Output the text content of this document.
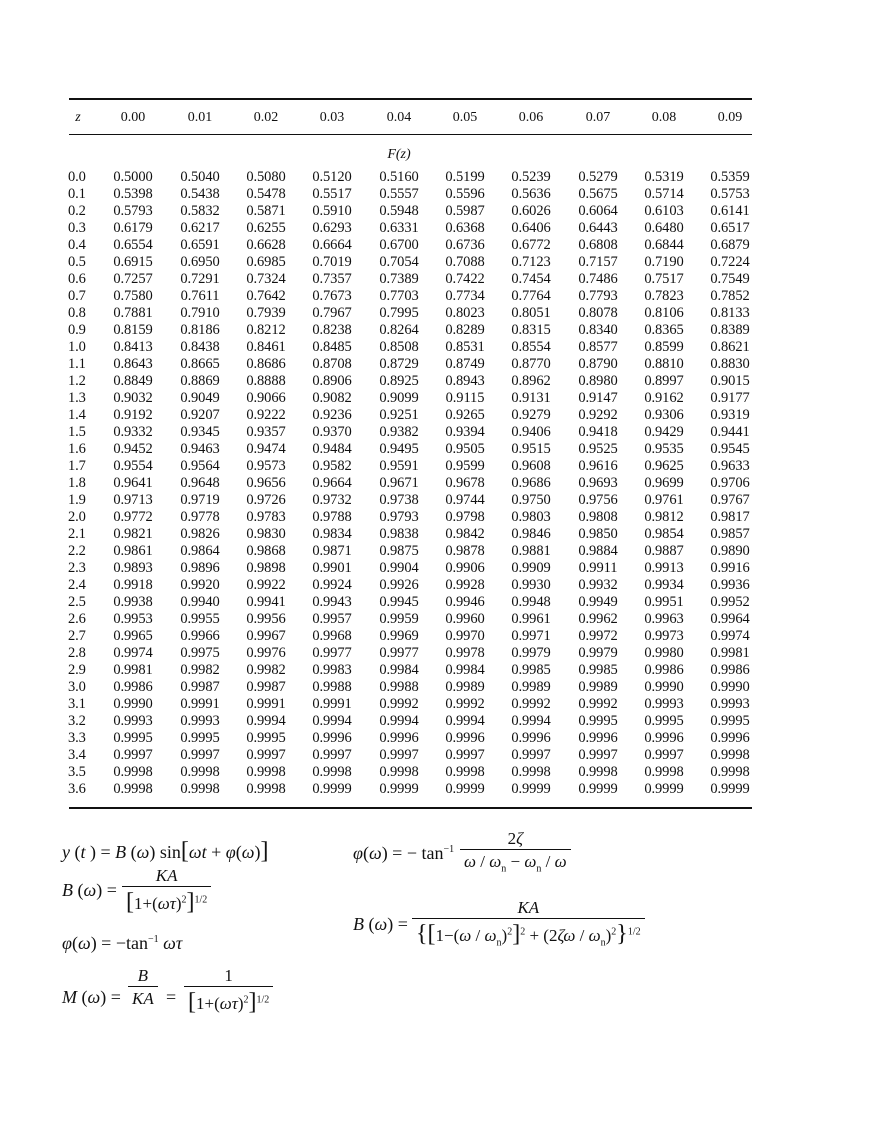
z	0.00	0.01	0.02	0.03	0.04	0.05	0.06	0.07	0.08	0.09
F(z)
0.0 0.5000 0.5040 0.5080 0.5120 0.5160 0.5199 0.5239 0.5279 0.5319 0.5359
0.1 0.5398 0.5438 0.5478 0.5517 0.5557 0.5596 0.5636 0.5675 0.5714 0.5753
0.2 0.5793 0.5832 0.5871 0.5910 0.5948 0.5987 0.6026 0.6064 0.6103 0.6141
0.3 0.6179 0.6217 0.6255 0.6293 0.6331 0.6368 0.6406 0.6443 0.6480 0.6517
0.4 0.6554 0.6591 0.6628 0.6664 0.6700 0.6736 0.6772 0.6808 0.6844 0.6879
0.5 0.6915 0.6950 0.6985 0.7019 0.7054 0.7088 0.7123 0.7157 0.7190 0.7224
0.6 0.7257 0.7291 0.7324 0.7357 0.7389 0.7422 0.7454 0.7486 0.7517 0.7549
0.7 0.7580 0.7611 0.7642 0.7673 0.7703 0.7734 0.7764 0.7793 0.7823 0.7852
0.8 0.7881 0.7910 0.7939 0.7967 0.7995 0.8023 0.8051 0.8078 0.8106 0.8133
0.9 0.8159 0.8186 0.8212 0.8238 0.8264 0.8289 0.8315 0.8340 0.8365 0.8389
1.0 0.8413 0.8438 0.8461 0.8485 0.8508 0.8531 0.8554 0.8577 0.8599 0.8621
1.1 0.8643 0.8665 0.8686 0.8708 0.8729 0.8749 0.8770 0.8790 0.8810 0.8830
1.2 0.8849 0.8869 0.8888 0.8906 0.8925 0.8943 0.8962 0.8980 0.8997 0.9015
1.3 0.9032 0.9049 0.9066 0.9082 0.9099 0.9115 0.9131 0.9147 0.9162 0.9177
1.4 0.9192 0.9207 0.9222 0.9236 0.9251 0.9265 0.9279 0.9292 0.9306 0.9319
1.5 0.9332 0.9345 0.9357 0.9370 0.9382 0.9394 0.9406 0.9418 0.9429 0.9441
1.6 0.9452 0.9463 0.9474 0.9484 0.9495 0.9505 0.9515 0.9525 0.9535 0.9545
1.7 0.9554 0.9564 0.9573 0.9582 0.9591 0.9599 0.9608 0.9616 0.9625 0.9633
1.8 0.9641 0.9648 0.9656 0.9664 0.9671 0.9678 0.9686 0.9693 0.9699 0.9706
1.9 0.9713 0.9719 0.9726 0.9732 0.9738 0.9744 0.9750 0.9756 0.9761 0.9767
2.0 0.9772 0.9778 0.9783 0.9788 0.9793 0.9798 0.9803 0.9808 0.9812 0.9817
2.1 0.9821 0.9826 0.9830 0.9834 0.9838 0.9842 0.9846 0.9850 0.9854 0.9857
2.2 0.9861 0.9864 0.9868 0.9871 0.9875 0.9878 0.9881 0.9884 0.9887 0.9890
2.3 0.9893 0.9896 0.9898 0.9901 0.9904 0.9906 0.9909 0.9911 0.9913 0.9916
2.4 0.9918 0.9920 0.9922 0.9924 0.9926 0.9928 0.9930 0.9932 0.9934 0.9936
2.5 0.9938 0.9940 0.9941 0.9943 0.9945 0.9946 0.9948 0.9949 0.9951 0.9952
2.6 0.9953 0.9955 0.9956 0.9957 0.9959 0.9960 0.9961 0.9962 0.9963 0.9964
2.7 0.9965 0.9966 0.9967 0.9968 0.9969 0.9970 0.9971 0.9972 0.9973 0.9974
2.8 0.9974 0.9975 0.9976 0.9977 0.9977 0.9978 0.9979 0.9979 0.9980 0.9981
2.9 0.9981 0.9982 0.9982 0.9983 0.9984 0.9984 0.9985 0.9985 0.9986 0.9986
3.0 0.9986 0.9987 0.9987 0.9988 0.9988 0.9989 0.9989 0.9989 0.9990 0.9990
3.1 0.9990 0.9991 0.9991 0.9991 0.9992 0.9992 0.9992 0.9992 0.9993 0.9993
3.2 0.9993 0.9993 0.9994 0.9994 0.9994 0.9994 0.9994 0.9995 0.9995 0.9995
3.3 0.9995 0.9995 0.9995 0.9996 0.9996 0.9996 0.9996 0.9996 0.9996 0.9996
3.4 0.9997 0.9997 0.9997 0.9997 0.9997 0.9997 0.9997 0.9997 0.9997 0.9998
3.5 0.9998 0.9998 0.9998 0.9998 0.9998 0.9998 0.9998 0.9998 0.9998 0.9998
3.6 0.9998 0.9998 0.9998 0.9999 0.9999 0.9999 0.9999 0.9999 0.9999 0.9999
y (t ) = B (ω) sin[ωt + φ(ω)]
B (ω) =
KA
$[1+(\omega\tau)^2]^{1/2}$
$\varphi(\omega) = -\tan^{-1}$ ωτ
M (ω) =
B
KA =
1
$[1+(\omega\tau)^2]^{1/2}$
φ(ω) = − $\tan^{-1}$
2ζ
$\omega / \omega_n - \omega_n / \omega$
B (ω) =
KA
$\{[1-(\omega / \omega_n)^2]^2 + (2\zeta\omega / \omega_n)^2\}^{1/2}$
